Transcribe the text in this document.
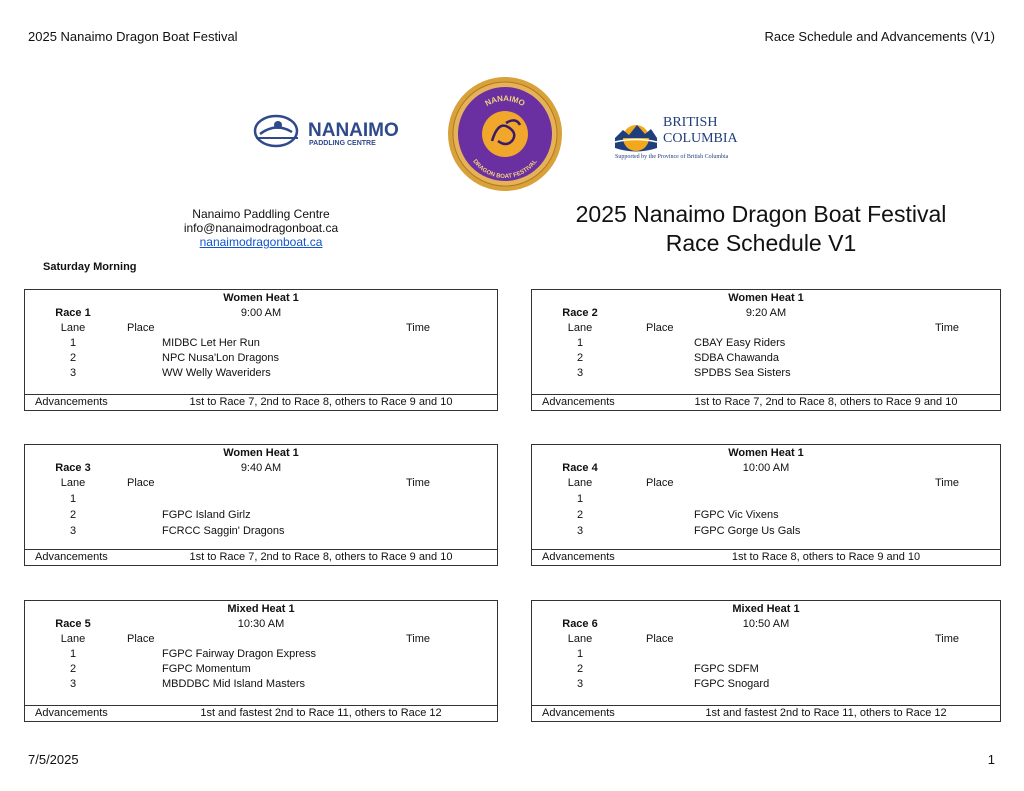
2025 Nanaimo Dragon Boat Festival	Race Schedule and Advancements (V1)
NANAIMO
PADDLING CENTRE
NANAIMO
DRAGON BOAT FESTIVAL
BRITISH
COLUMBIA
Supported by the Province of British Columbia
Nanaimo Paddling Centre
info@nanaimodragonboat.ca
nanaimodragonboat.ca
2025 Nanaimo Dragon Boat Festival
Race Schedule V1
Saturday Morning
Women Heat 1
9:00 AM
Race 1
Lane	Place	Time
1	MIDBC Let Her Run
2	NPC Nusa'Lon Dragons
3	WW Welly Waveriders
Advancements	1st to Race 7, 2nd to Race 8, others to Race 9 and 10
Women Heat 1
9:20 AM
Race 2
Lane	Place	Time
1	CBAY Easy Riders
2	SDBA Chawanda
3	SPDBS Sea Sisters
Advancements	1st to Race 7, 2nd to Race 8, others to Race 9 and 10
Women Heat 1
9:40 AM
Race 3
Lane	Place	Time
1
2	FGPC Island Girlz
3	FCRCC Saggin' Dragons
Advancements	1st to Race 7, 2nd to Race 8, others to Race 9 and 10
Women Heat 1
10:00 AM
Race 4
Lane	Place	Time
1
2	FGPC Vic Vixens
3	FGPC Gorge Us Gals
Advancements	1st to Race 8, others to Race 9 and 10
Mixed Heat 1
10:30 AM
Race 5
Lane	Place	Time
1	FGPC Fairway Dragon Express
2	FGPC Momentum
3	MBDDBC Mid Island Masters
Advancements	1st and fastest 2nd to Race 11, others to Race 12
Mixed Heat 1
10:50 AM
Race 6
Lane	Place	Time
1
2	FGPC SDFM
3	FGPC Snogard
Advancements	1st and fastest 2nd to Race 11, others to Race 12
7/5/2025	1
